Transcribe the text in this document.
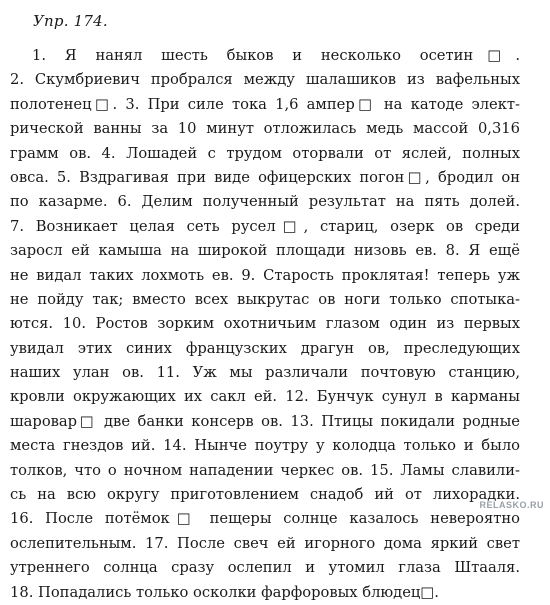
Упр. 174.
1. Я нанял шесть быков и несколько осетин□.
2. Скумбриевич пробрался между шалашиков из вафельных
полотенец□. 3. При силе тока 1,6 ампер□ на катоде элект-
рической ванны за 10 минут отложилась медь массой 0,316
грамм ов. 4. Лошадей с трудом оторвали от яслей, полных
овса. 5. Вздрагивая при виде офицерских погон□, бродил он
по казарме. 6. Делим полученный результат на пять долей.
7. Возникает целая сеть русел□, стариц, озерк ов среди
заросл ей камыша на широкой площади низовь ев. 8. Я ещё
не видал таких лохмоть ев. 9. Старость проклятая! теперь уж
не пойду так; вместо всех выкрутас ов ноги только спотыка-
ются. 10. Ростов зорким охотничьим глазом один из первых
увидал этих синих французских драгун ов, преследующих
наших улан ов. 11. Уж мы различали почтовую станцию,
кровли окружающих их сакл ей. 12. Бунчук сунул в карманы
шаровар□ две банки консерв ов. 13. Птицы покидали родные
места гнездов ий. 14. Нынче поутру у колодца только и было
толков, что о ночном нападении черкес ов. 15. Ламы славили-
сь на всю округу приготовлением снадоб ий от лихорадки.
16. После потёмок□ пещеры солнце казалось невероятно
ослепительным. 17. После свеч ей игорного дома яркий свет
утреннего солнца сразу ослепил и утомил глаза Штааля.
18. Попадались только осколки фарфоровых блюдец□.
RELASKO.RU
